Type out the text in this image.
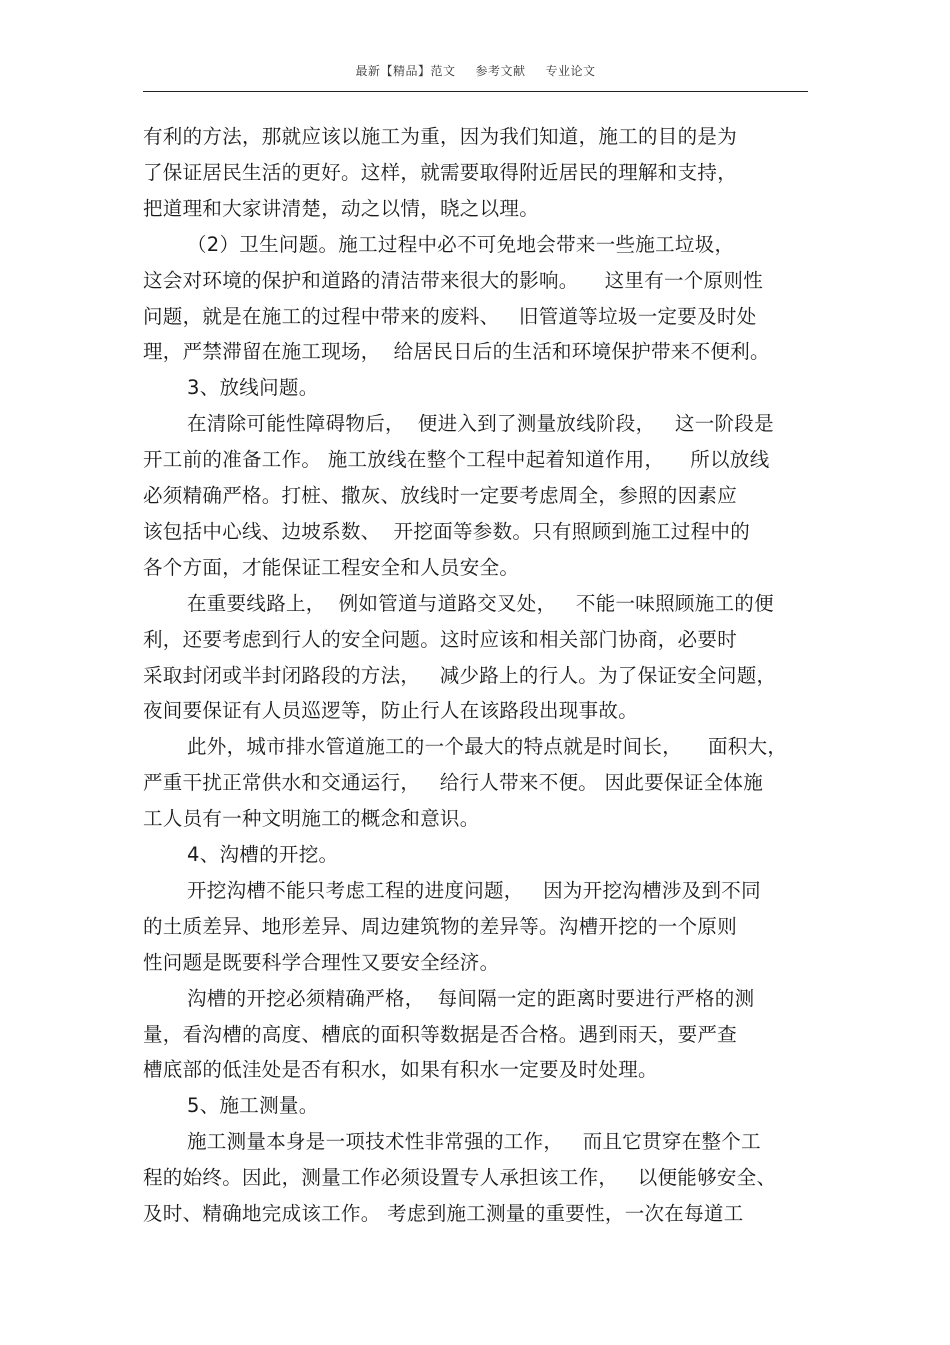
最新【精品】范文 参考文献 专业论文
有利的方法，那就应该以施工为重，因为我们知道，施工的目的是为
了保证居民生活的更好。这样，就需要取得附近居民的理解和支持，
把道理和大家讲清楚，动之以情，晓之以理。
（2）卫生问题。施工过程中必不可免地会带来一些施工垃圾，
这会对环境的保护和道路的清洁带来很大的影响。    这里有一个原则性
问题，就是在施工的过程中带来的废料、   旧管道等垃圾一定要及时处
理，严禁滞留在施工现场，  给居民日后的生活和环境保护带来不便利。
3、放线问题。
在清除可能性障碍物后，  便进入到了测量放线阶段，   这一阶段是
开工前的准备工作。 施工放线在整个工程中起着知道作用，    所以放线
必须精确严格。打桩、撒灰、放线时一定要考虑周全，参照的因素应
该包括中心线、边坡系数、  开挖面等参数。只有照顾到施工过程中的
各个方面，才能保证工程安全和人员安全。
在重要线路上，  例如管道与道路交叉处，   不能一味照顾施工的便
利，还要考虑到行人的安全问题。这时应该和相关部门协商，必要时
采取封闭或半封闭路段的方法，   减少路上的行人。为了保证安全问题，
夜间要保证有人员巡逻等，防止行人在该路段出现事故。
此外，城市排水管道施工的一个最大的特点就是时间长，    面积大，
严重干扰正常供水和交通运行，   给行人带来不便。 因此要保证全体施
工人员有一种文明施工的概念和意识。
4、沟槽的开挖。
开挖沟槽不能只考虑工程的进度问题，   因为开挖沟槽涉及到不同
的土质差异、地形差异、周边建筑物的差异等。沟槽开挖的一个原则
性问题是既要科学合理性又要安全经济。
沟槽的开挖必须精确严格，  每间隔一定的距离时要进行严格的测
量，看沟槽的高度、槽底的面积等数据是否合格。遇到雨天，要严查
槽底部的低洼处是否有积水，如果有积水一定要及时处理。
5、施工测量。
施工测量本身是一项技术性非常强的工作，   而且它贯穿在整个工
程的始终。因此，测量工作必须设置专人承担该工作，   以便能够安全、
及时、精确地完成该工作。 考虑到施工测量的重要性，一次在每道工
